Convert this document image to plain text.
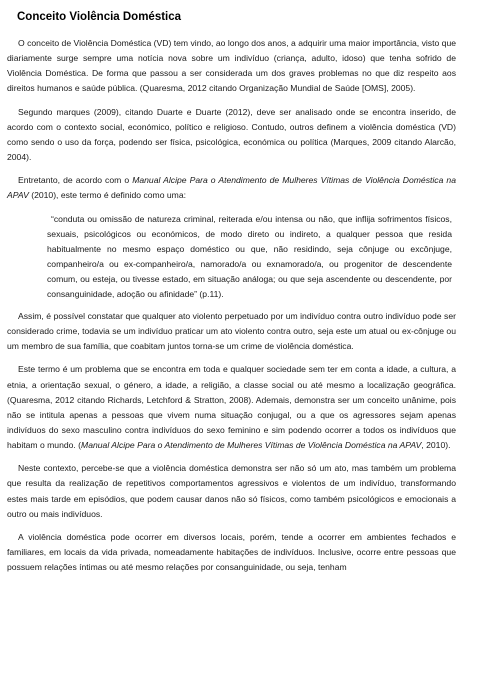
Conceito Violência Doméstica

O conceito de Violência Doméstica (VD) tem vindo, ao longo dos anos, a adquirir uma maior importância, visto que diariamente surge sempre uma notícia nova sobre um indivíduo (criança, adulto, idoso) que tenha sofrido de Violência Doméstica. De forma que passou a ser considerada um dos graves problemas no que diz respeito aos direitos humanos e saúde pública. (Quaresma, 2012 citando Organização Mundial de Saúde [OMS], 2005).

Segundo marques (2009), citando Duarte e Duarte (2012), deve ser analisado onde se encontra inserido, de acordo com o contexto social, económico, político e religioso. Contudo, outros definem a violência doméstica (VD) como sendo o uso da força, podendo ser física, psicológica, económica ou política (Marques, 2009 citando Alarcão, 2004).

Entretanto, de acordo com o Manual Alcipe Para o Atendimento de Mulheres Vítimas de Violência Doméstica na APAV (2010), este termo é definido como uma:

“conduta ou omissão de natureza criminal, reiterada e/ou intensa ou não, que inflija sofrimentos físicos, sexuais, psicológicos ou económicos, de modo direto ou indireto, a qualquer pessoa que resida habitualmente no mesmo espaço doméstico ou que, não residindo, seja cônjuge ou excônjuge, companheiro/a ou ex-companheiro/a, namorado/a ou exnamorado/a, ou progenitor de descendente comum, ou esteja, ou tivesse estado, em situação análoga; ou que seja ascendente ou descendente, por consanguinidade, adoção ou afinidade” (p.11).

Assim, é possível constatar que qualquer ato violento perpetuado por um indivíduo contra outro indivíduo pode ser considerado crime, todavia se um indivíduo praticar um ato violento contra outro, seja este um atual ou ex-cônjuge ou um membro de sua família, que coabitam juntos torna-se um crime de violência doméstica.

Este termo é um problema que se encontra em toda e qualquer sociedade sem ter em conta a idade, a cultura, a etnia, a orientação sexual, o género, a idade, a religião, a classe social ou até mesmo a localização geográfica. (Quaresma, 2012 citando Richards, Letchford & Stratton, 2008). Ademais, demonstra ser um conceito unânime, pois não se intitula apenas a pessoas que vivem numa situação conjugal, ou a que os agressores sejam apenas indivíduos do sexo masculino contra indivíduos do sexo feminino e sim podendo ocorrer a todos os indivíduos que habitam o mundo. (Manual Alcipe Para o Atendimento de Mulheres Vítimas de Violência Doméstica na APAV, 2010).

Neste contexto, percebe-se que a violência doméstica demonstra ser não só um ato, mas também um problema que resulta da realização de repetitivos comportamentos agressivos e violentos de um indivíduo, transformando estes mais tarde em episódios, que podem causar danos não só físicos, como também psicológicos e emocionais a outro ou mais indivíduos.

A violência doméstica pode ocorrer em diversos locais, porém, tende a ocorrer em ambientes fechados e familiares, em locais da vida privada, nomeadamente habitações de indivíduos. Inclusive, ocorre entre pessoas que possuem relações íntimas ou até mesmo relações por consanguinidade, ou seja, tenham
